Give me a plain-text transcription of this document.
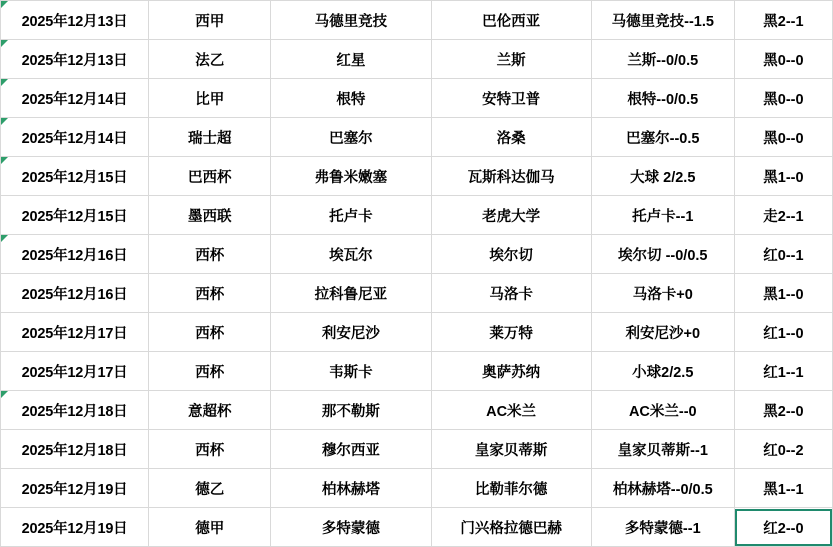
2025年12月13日	西甲	马德里竞技	巴伦西亚	马德里竞技--1.5	黑2--1
2025年12月13日	法乙	红星	兰斯	兰斯--0/0.5	黑0--0
2025年12月14日	比甲	根特	安特卫普	根特--0/0.5	黑0--0
2025年12月14日	瑞士超	巴塞尔	洛桑	巴塞尔--0.5	黑0--0
2025年12月15日	巴西杯	弗鲁米嫩塞	瓦斯科达伽马	大球 2/2.5	黑1--0
2025年12月15日	墨西联	托卢卡	老虎大学	托卢卡--1	走2--1
2025年12月16日	西杯	埃瓦尔	埃尔切	埃尔切 --0/0.5	红0--1
2025年12月16日	西杯	拉科鲁尼亚	马洛卡	马洛卡+0	黑1--0
2025年12月17日	西杯	利安尼沙	莱万特	利安尼沙+0	红1--0
2025年12月17日	西杯	韦斯卡	奥萨苏纳	小球2/2.5	红1--1
2025年12月18日	意超杯	那不勒斯	AC米兰	AC米兰--0	黑2--0
2025年12月18日	西杯	穆尔西亚	皇家贝蒂斯	皇家贝蒂斯--1	红0--2
2025年12月19日	德乙	柏林赫塔	比勒菲尔德	柏林赫塔--0/0.5	黑1--1
2025年12月19日	德甲	多特蒙德	门兴格拉德巴赫	多特蒙德--1	红2--0
